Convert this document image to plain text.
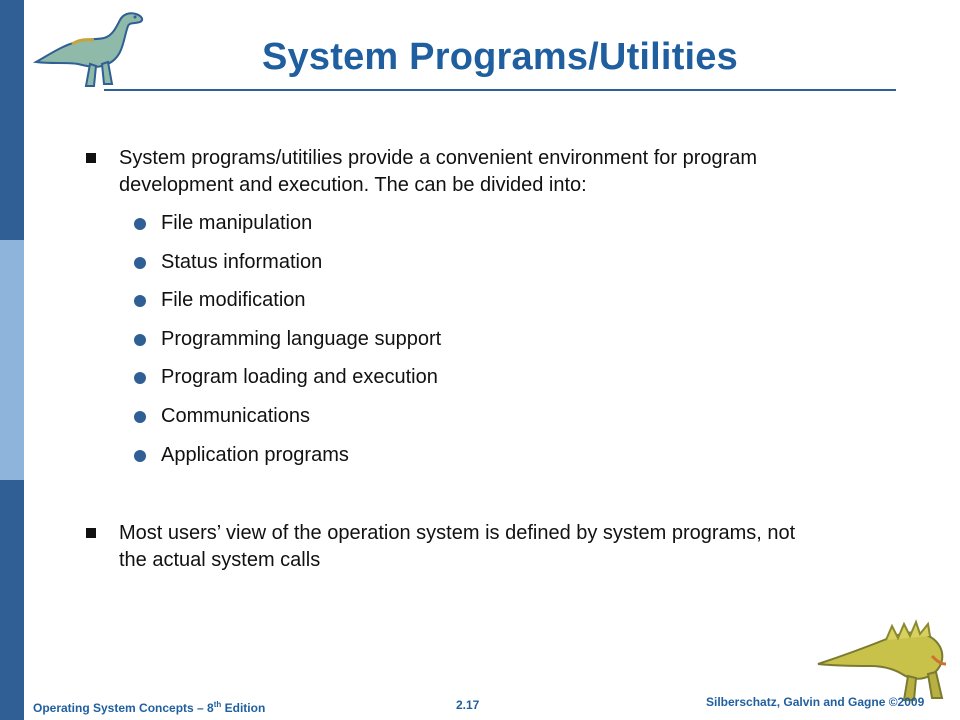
System Programs/Utilities
System programs/utitilies provide a convenient environment for program development and execution. The can be divided into:
File manipulation
Status information
File modification
Programming language support
Program loading and execution
Communications
Application programs
Most users’ view of the operation system is defined by system programs, not the actual system calls
Operating System Concepts – 8th Edition	2.17	Silberschatz, Galvin and Gagne ©2009
